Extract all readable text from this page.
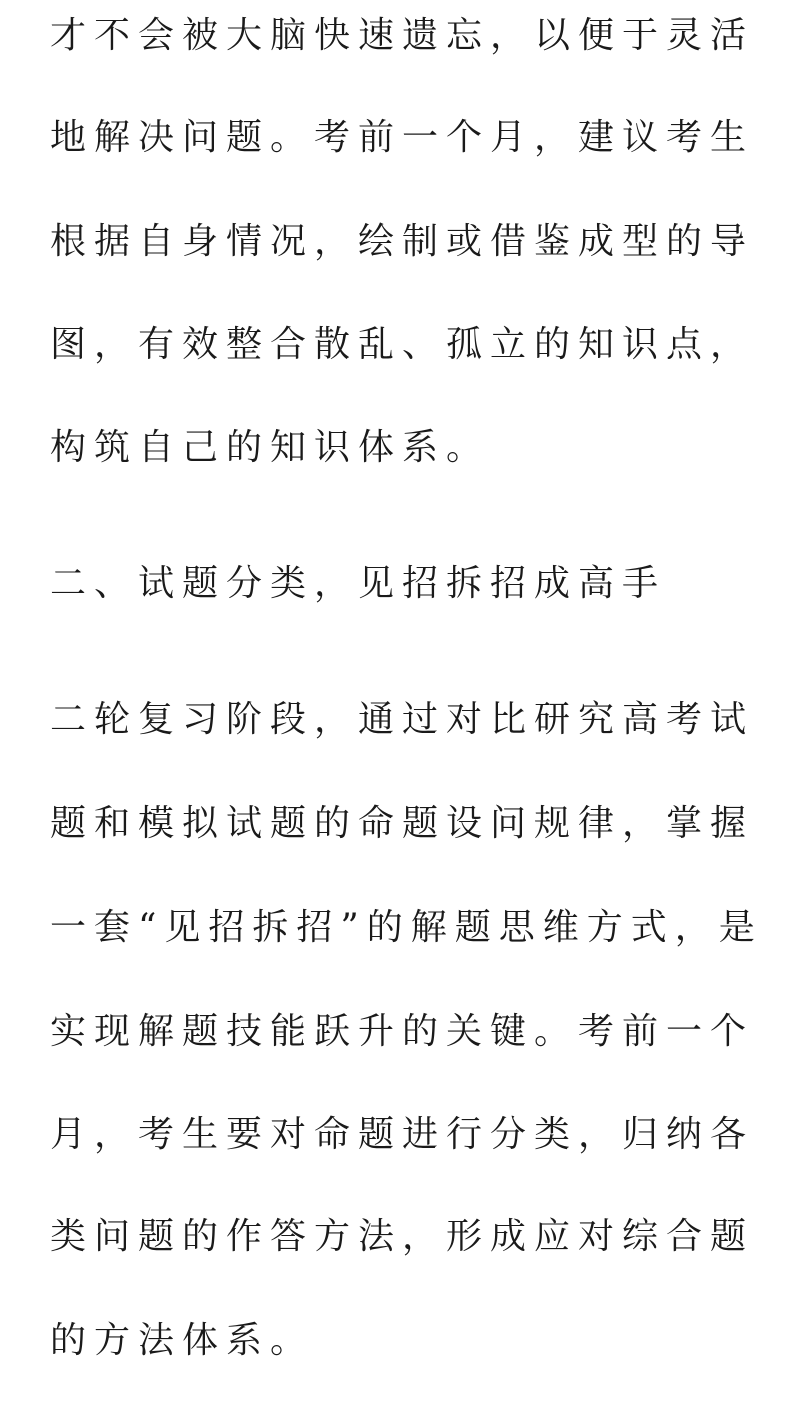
才不会被大脑快速遗忘，以便于灵活
地解决问题。考前一个月，建议考生
根据自身情况，绘制或借鉴成型的导
图，有效整合散乱、孤立的知识点，
构筑自己的知识体系。
二、试题分类，见招拆招成高手
二轮复习阶段，通过对比研究高考试
题和模拟试题的命题设问规律，掌握
一套“见招拆招”的解题思维方式，是
实现解题技能跃升的关键。考前一个
月，考生要对命题进行分类，归纳各
类问题的作答方法，形成应对综合题
的方法体系。
